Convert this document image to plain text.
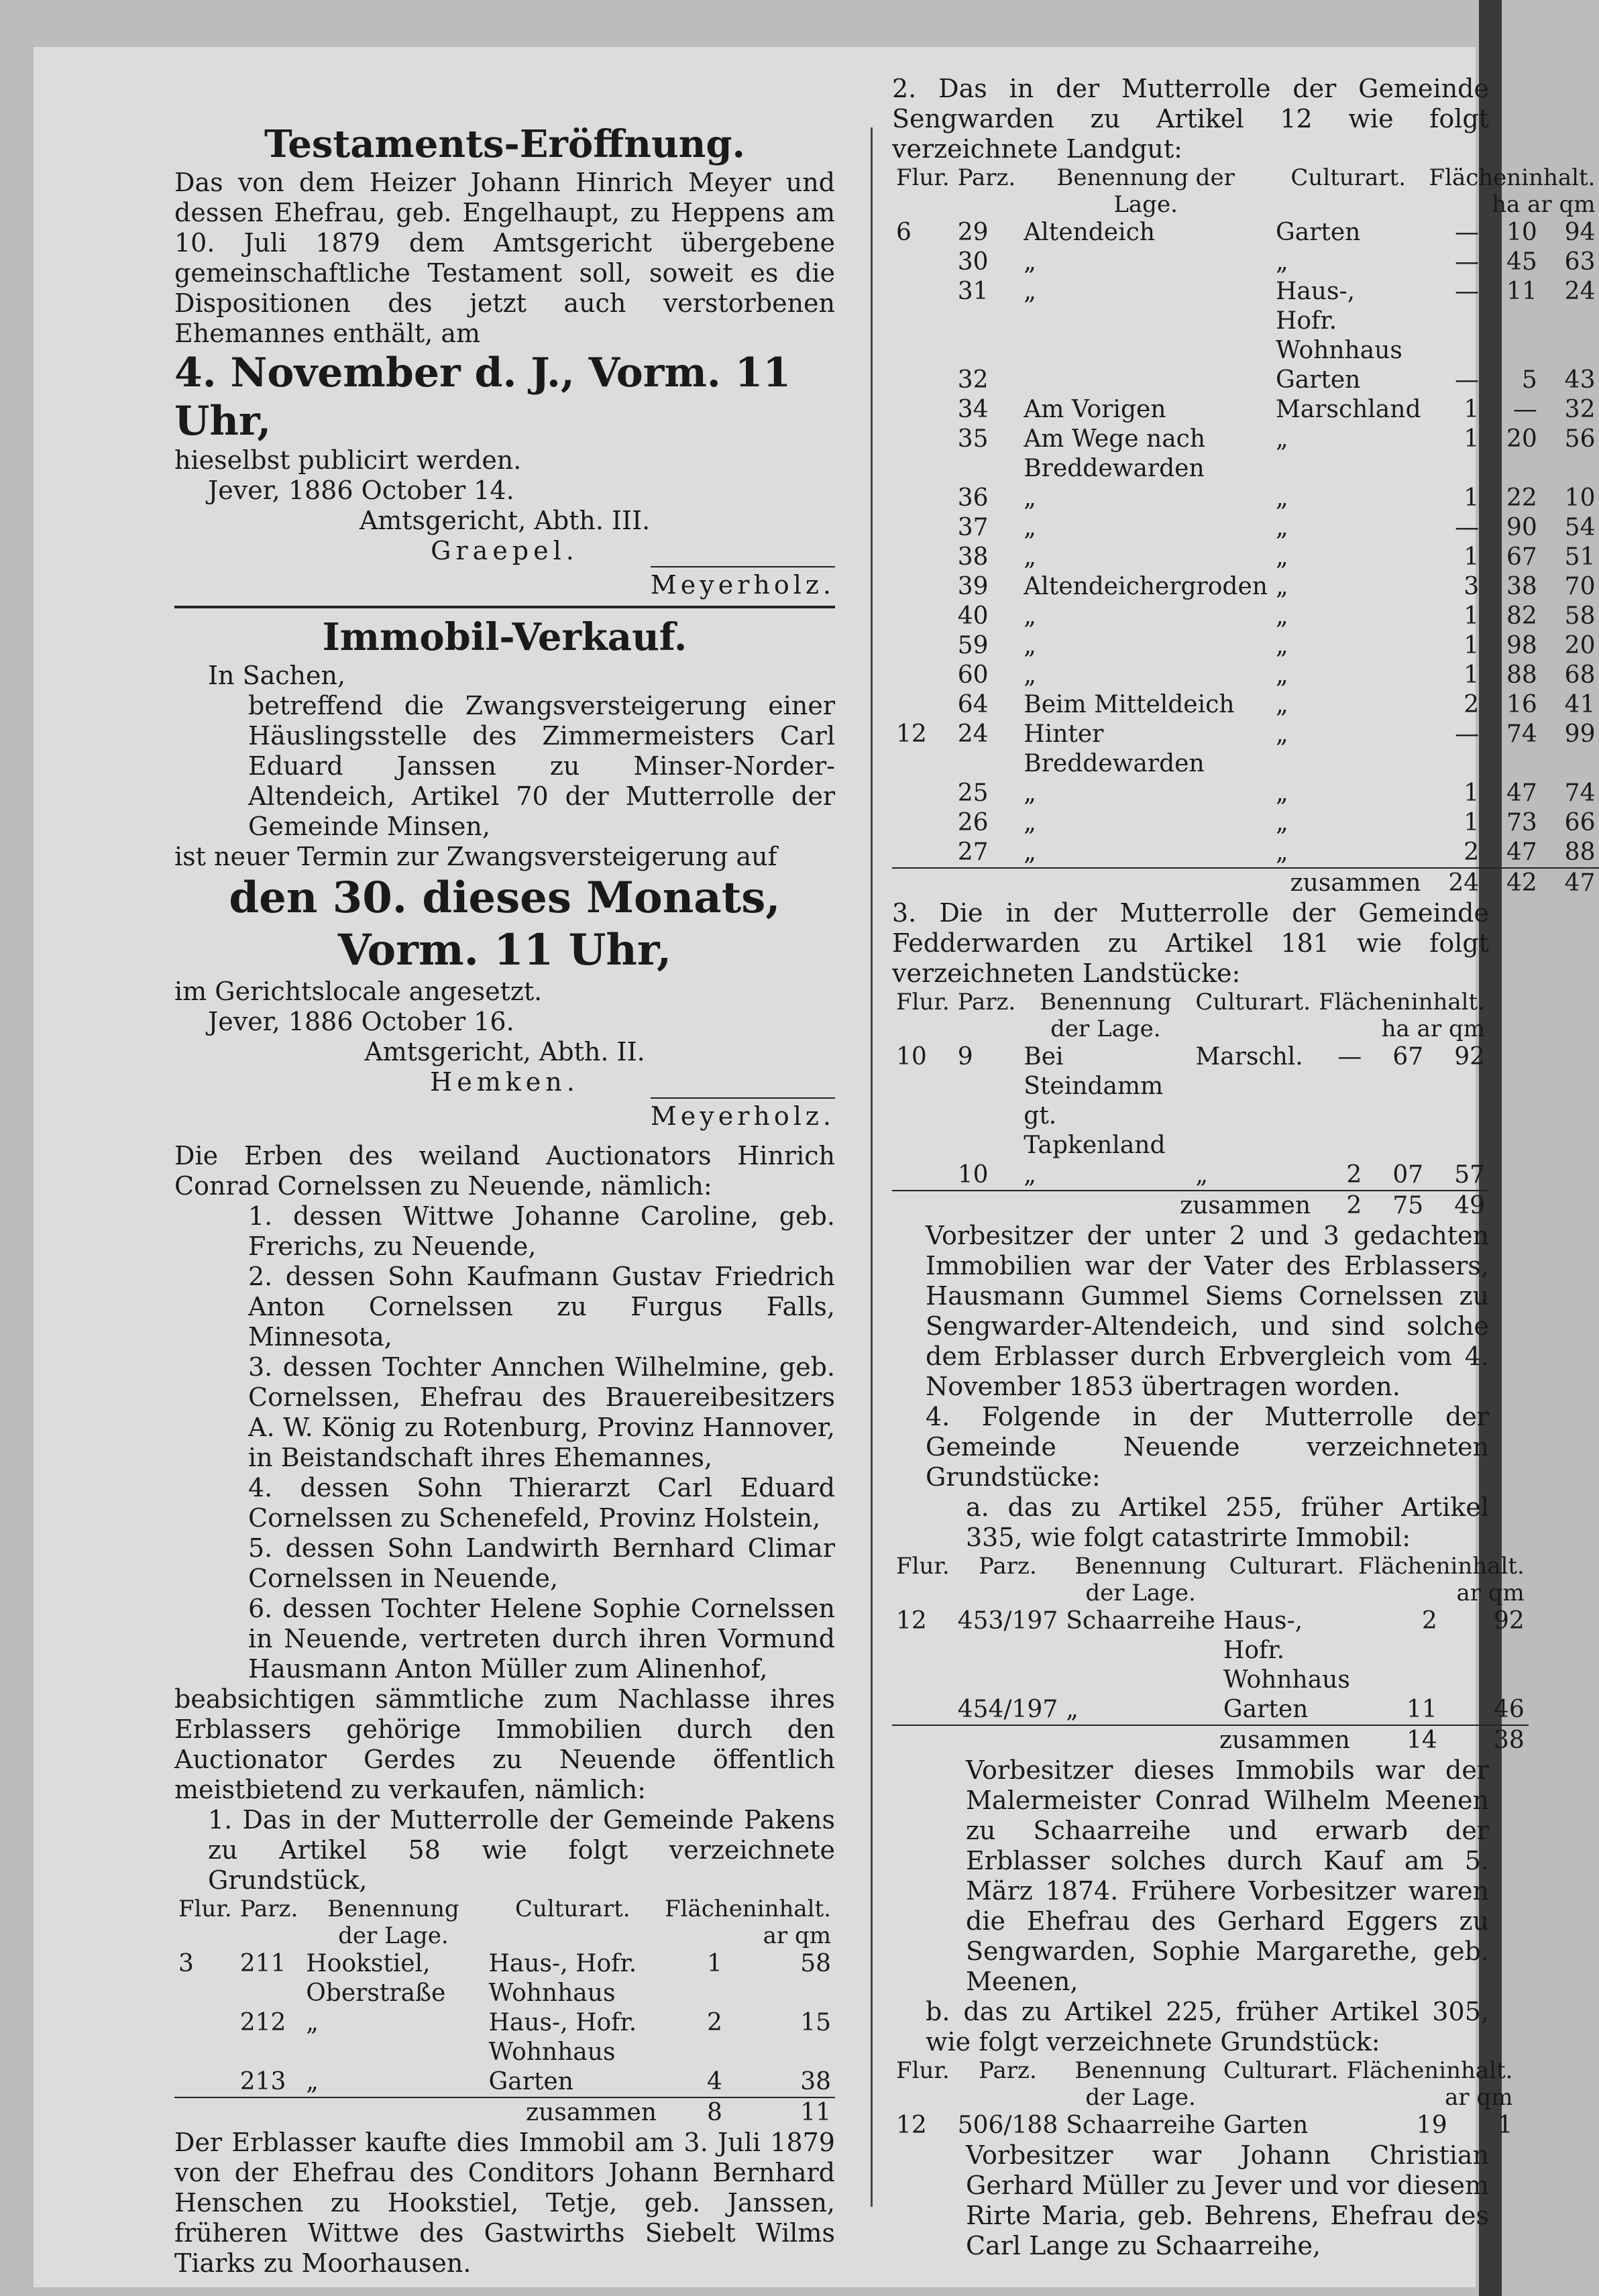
Testaments-Eröffnung.

Das von dem Heizer Johann Hinrich Meyer und dessen Ehefrau, geb. Engelhaupt, zu Heppens am 10. Juli 1879 dem Amtsgericht übergebene gemeinschaftliche Testament soll, soweit es die Dispositionen des jetzt auch verstorbenen Ehemannes enthält, am

4. November d. J., Vorm. 11 Uhr,

hieselbst publicirt werden.

Jever, 1886 October 14.

Amtsgericht, Abth. III.

Graepel.

Meyerholz.
Immobil-Verkauf.

In Sachen,

betreffend die Zwangsversteigerung einer Häuslingsstelle des Zimmermeisters Carl Eduard Janssen zu Minser-Norder-Altendeich, Artikel 70 der Mutterrolle der Gemeinde Minsen,

ist neuer Termin zur Zwangsversteigerung auf

den 30. dieses Monats,
Vorm. 11 Uhr,

im Gerichtslocale angesetzt.

Jever, 1886 October 16.

Amtsgericht, Abth. II.

Hemken.

Meyerholz.

Die Erben des weiland Auctionators Hinrich Conrad Cornelssen zu Neuende, nämlich:

1. dessen Wittwe Johanne Caroline, geb. Frerichs, zu Neuende,

2. dessen Sohn Kaufmann Gustav Friedrich Anton Cornelssen zu Furgus Falls, Minnesota,

3. dessen Tochter Annchen Wilhelmine, geb. Cornelssen, Ehefrau des Brauereibesitzers A. W. König zu Rotenburg, Provinz Hannover, in Beistandschaft ihres Ehemannes,

4. dessen Sohn Thierarzt Carl Eduard Cornelssen zu Schenefeld, Provinz Holstein,

5. dessen Sohn Landwirth Bernhard Climar Cornelssen in Neuende,

6. dessen Tochter Helene Sophie Cornelssen in Neuende, vertreten durch ihren Vormund Hausmann Anton Müller zum Alinenhof,

beabsichtigen sämmtliche zum Nachlasse ihres Erblassers gehörige Immobilien durch den Auctionator Gerdes zu Neuende öffentlich meistbietend zu verkaufen, nämlich:

1. Das in der Mutterrolle der Gemeinde Pakens zu Artikel 58 wie folgt verzeichnete Grundstück,

Flur.	Parz.	Benennung der Lage.	Culturart.	Flächeninhalt.
ar qm	
3	211	Hookstiel, Oberstraße	Haus-, Hofr. Wohnhaus	1	58
	212	„	Haus-, Hofr. Wohnhaus	2	15
	213	„	Garten	4	38
zusammen				8	11

Der Erblasser kaufte dies Immobil am 3. Juli 1879 von der Ehefrau des Conditors Johann Bernhard Henschen zu Hookstiel, Tetje, geb. Janssen, früheren Wittwe des Gastwirths Siebelt Wilms Tiarks zu Moorhausen.

2. Das in der Mutterrolle der Gemeinde Sengwarden zu Artikel 12 wie folgt verzeichnete Landgut:

Flur.	Parz.	Benennung der Lage.	Culturart.	Flächeninhalt.
ha ar qm		
6	29	Altendeich	Garten	—	10	94
	30	„	„	—	45	63
	31	„	Haus-, Hofr. Wohnhaus	—	11	24
	32		Garten	—	5	43
	34	Am Vorigen	Marschland	1	—	32
	35	Am Wege nach Breddewarden	„	1	20	56
	36	„	„	1	22	10
	37	„	„	—	90	54
	38	„	„	1	67	51
	39	Altendeichergroden	„	3	38	70
	40	„	„	1	82	58
	59	„	„	1	98	20
	60	„	„	1	88	68
	64	Beim Mitteldeich	„	2	16	41
12	24	Hinter Breddewarden	„	—	74	99
	25	„	„	1	47	74
	26	„	„	1	73	66
	27	„	„	2	47	88
zusammen				24	42	47

3. Die in der Mutterrolle der Gemeinde Fedderwarden zu Artikel 181 wie folgt verzeichneten Landstücke:

Flur.	Parz.	Benennung der Lage.	Culturart.	Flächeninhalt.
ha ar qm		
10	9	Bei Steindamm gt. Tapkenland	Marschl.	—	67	92
	10	„	„	2	07	57
zusammen				2	75	49

Vorbesitzer der unter 2 und 3 gedachten Immobilien war der Vater des Erblassers, Hausmann Gummel Siems Cornelssen zu Sengwarder-Altendeich, und sind solche dem Erblasser durch Erbvergleich vom 4. November 1853 übertragen worden.

4. Folgende in der Mutterrolle der Gemeinde Neuende verzeichneten Grundstücke:

a. das zu Artikel 255, früher Artikel 335, wie folgt catastrirte Immobil:

Flur.	Parz.	Benennung der Lage.	Culturart.	Flächeninhalt.
ar qm	
12	453/197	Schaarreihe	Haus-, Hofr. Wohnhaus	2	92
	454/197	„	Garten	11	46
zusammen				14	38

Vorbesitzer dieses Immobils war der Malermeister Conrad Wilhelm Meenen zu Schaarreihe und erwarb der Erblasser solches durch Kauf am 5. März 1874. Frühere Vorbesitzer waren die Ehefrau des Gerhard Eggers zu Sengwarden, Sophie Margarethe, geb. Meenen,

b. das zu Artikel 225, früher Artikel 305, wie folgt verzeichnete Grundstück:

Flur.	Parz.	Benennung der Lage.	Culturart.	Flächeninhalt.
ar qm	
12	506/188	Schaarreihe	Garten	19	1

Vorbesitzer war Johann Christian Gerhard Müller zu Jever und vor diesem Rirte Maria, geb. Behrens, Ehefrau des Carl Lange zu Schaarreihe,
